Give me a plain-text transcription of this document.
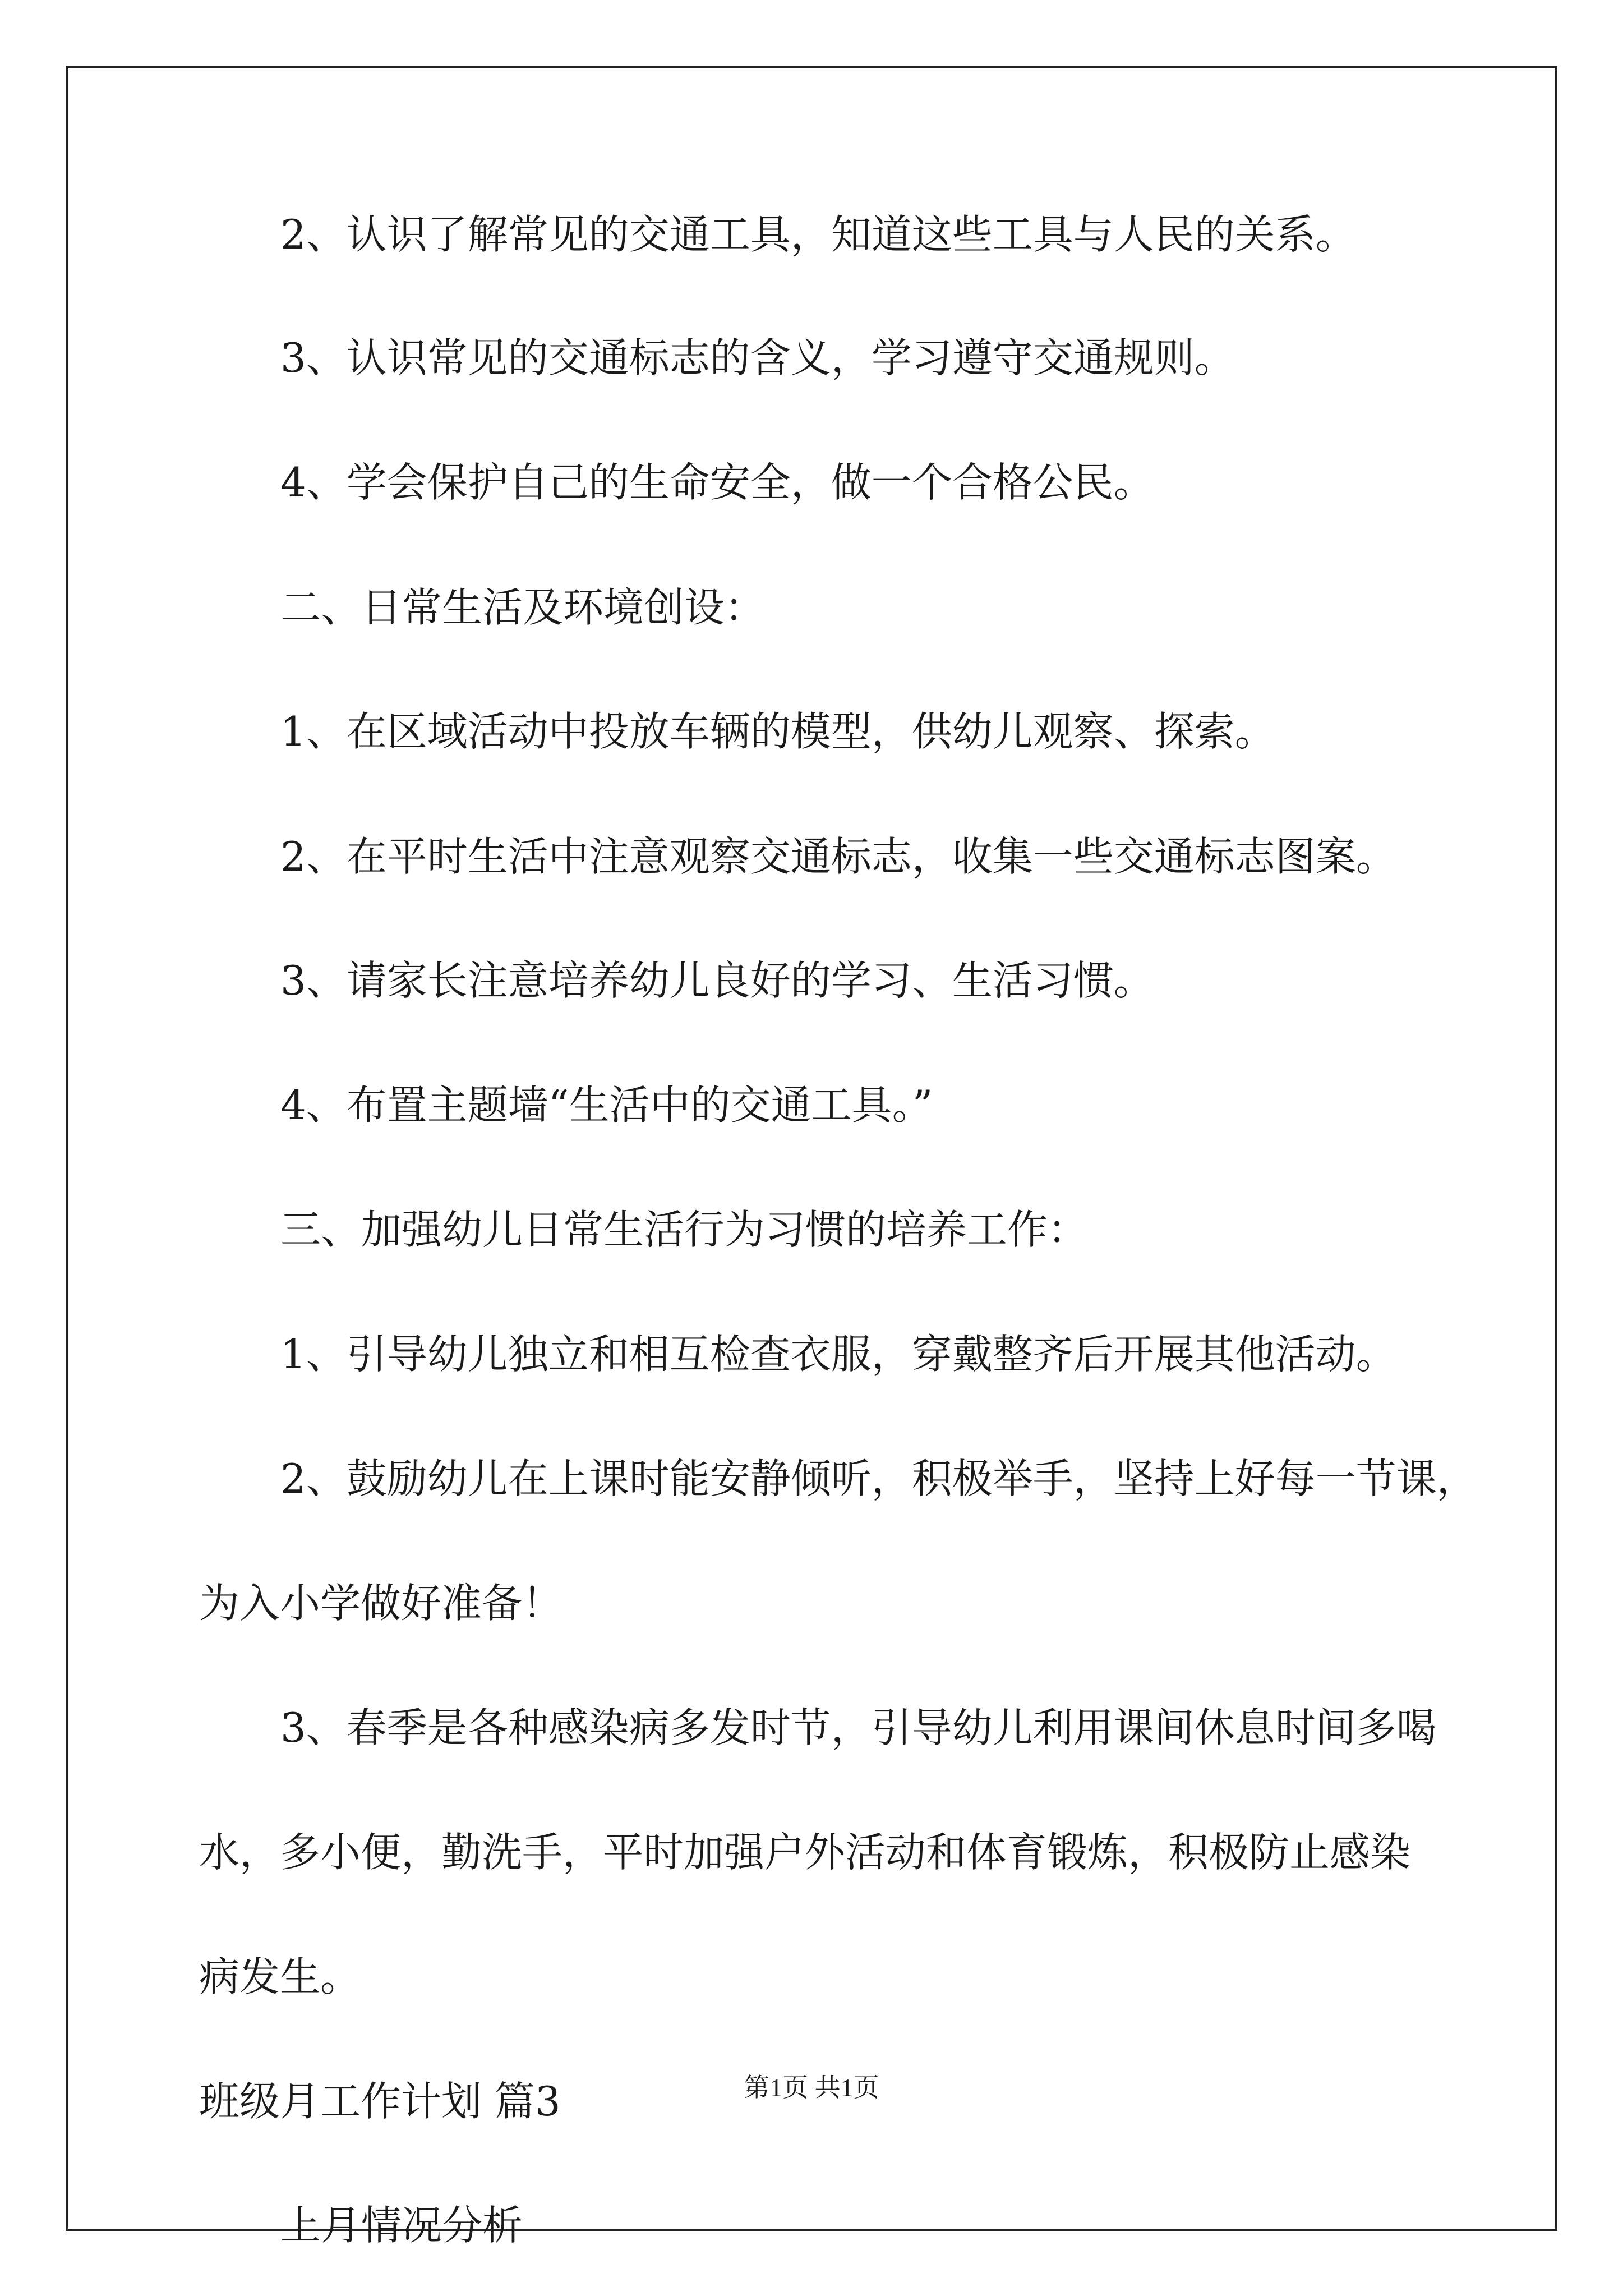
2、认识了解常见的交通工具，知道这些工具与人民的关系。
3、认识常见的交通标志的含义，学习遵守交通规则。
4、学会保护自己的生命安全，做一个合格公民。
二、日常生活及环境创设：
1、在区域活动中投放车辆的模型，供幼儿观察、探索。
2、在平时生活中注意观察交通标志，收集一些交通标志图案。
3、请家长注意培养幼儿良好的学习、生活习惯。
4、布置主题墙“生活中的交通工具。”
三、加强幼儿日常生活行为习惯的培养工作：
1、引导幼儿独立和相互检查衣服，穿戴整齐后开展其他活动。
2、鼓励幼儿在上课时能安静倾听，积极举手，坚持上好每一节课，
为入小学做好准备！
3、春季是各种感染病多发时节，引导幼儿利用课间休息时间多喝
水，多小便，勤洗手，平时加强户外活动和体育锻炼，积极防止感染
病发生。
班级月工作计划 篇3
上月情况分析
第1页 共1页
